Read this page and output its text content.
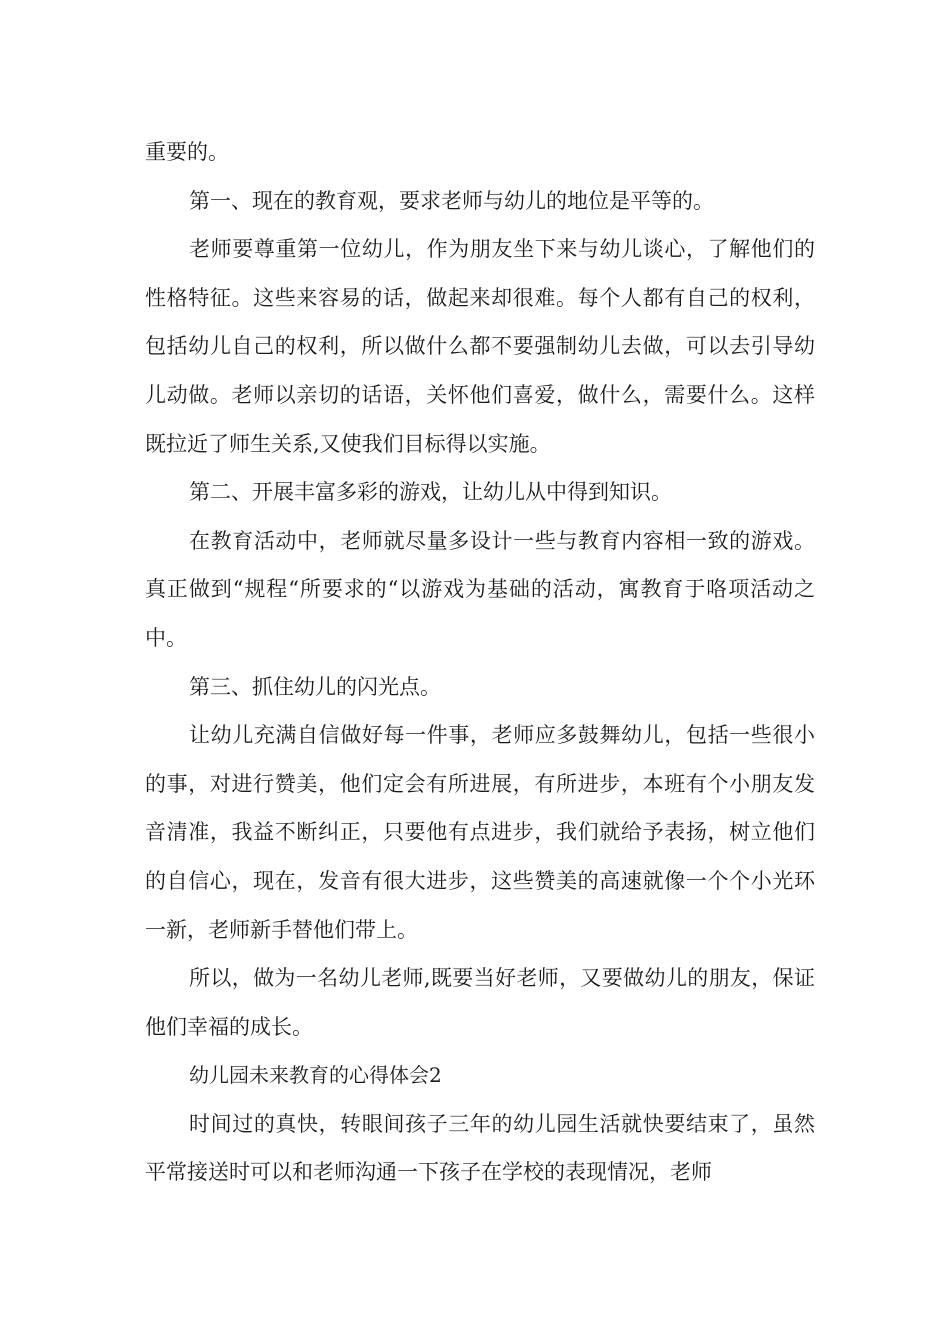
重要的。

第一、现在的教育观，要求老师与幼儿的地位是平等的。

老师要尊重第一位幼儿，作为朋友坐下来与幼儿谈心，了解他们的性格特征。这些来容易的话，做起来却很难。每个人都有自己的权利，包括幼儿自己的权利，所以做什么都不要强制幼儿去做，可以去引导幼儿动做。老师以亲切的话语，关怀他们喜爱，做什么，需要什么。这样既拉近了师生关系,又使我们目标得以实施。

第二、开展丰富多彩的游戏，让幼儿从中得到知识。

在教育活动中，老师就尽量多设计一些与教育内容相一致的游戏。真正做到“规程“所要求的“以游戏为基础的活动，寓教育于咯项活动之中。

第三、抓住幼儿的闪光点。

让幼儿充满自信做好每一件事，老师应多鼓舞幼儿，包括一些很小的事，对进行赞美，他们定会有所进展，有所进步，本班有个小朋友发音清准，我益不断纠正，只要他有点进步，我们就给予表扬，树立他们的自信心，现在，发音有很大进步，这些赞美的高速就像一个个小光环一新，老师新手替他们带上。

所以，做为一名幼儿老师,既要当好老师，又要做幼儿的朋友，保证他们幸福的成长。

幼儿园未来教育的心得体会2

时间过的真快，转眼间孩子三年的幼儿园生活就快要结束了，虽然平常接送时可以和老师沟通一下孩子在学校的表现情况，老师
